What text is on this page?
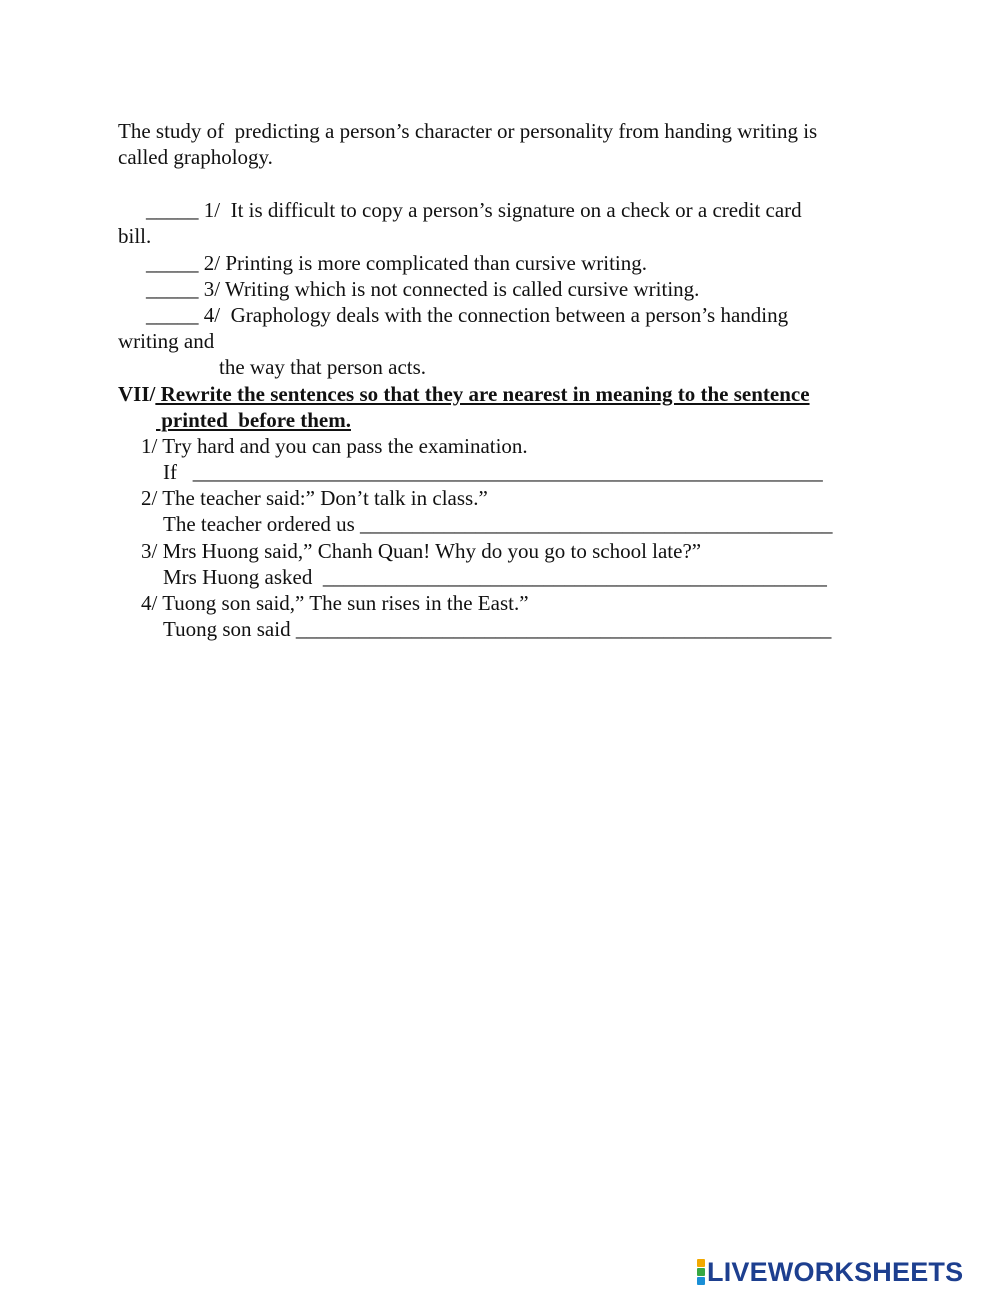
The study of  predicting a person’s character or personality from handing writing is
called graphology.
_____ 1/  It is difficult to copy a person’s signature on a check or a credit card
bill.
_____ 2/ Printing is more complicated than cursive writing.
_____ 3/ Writing which is not connected is called cursive writing.
_____ 4/  Graphology deals with the connection between a person’s handing
writing and
the way that person acts.
VII/ Rewrite the sentences so that they are nearest in meaning to the sentence
printed  before them.
1/ Try hard and you can pass the examination.
If   ____________________________________________________________
2/ The teacher said:” Don’t talk in class.”
The teacher ordered us _____________________________________________
3/ Mrs Huong said,” Chanh Quan! Why do you go to school late?”
Mrs Huong asked  ________________________________________________
4/ Tuong son said,” The sun rises in the East.”
Tuong son said ___________________________________________________
LIVEWORKSHEETS
